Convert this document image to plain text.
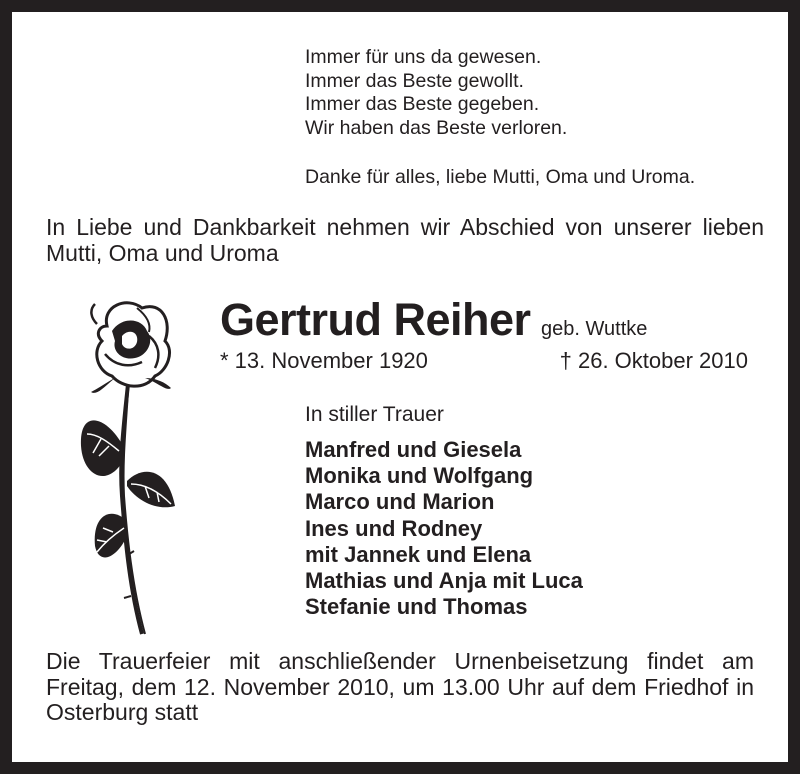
Immer für uns da gewesen.
Immer das Beste gewollt.
Immer das Beste gegeben.
Wir haben das Beste verloren.
Danke für alles, liebe Mutti, Oma und Uroma.
In Liebe und Dankbarkeit nehmen wir Abschied von unserer lieben Mutti, Oma und Uroma
Gertrud Reiher geb. Wuttke
* 13. November 1920	† 26. Oktober 2010
In stiller Trauer
Manfred und Giesela
Monika und Wolfgang
Marco und Marion
Ines und Rodney
mit Jannek und Elena
Mathias und Anja mit Luca
Stefanie und Thomas
Die Trauerfeier mit anschließender Urnenbeisetzung findet am Freitag, dem 12. November 2010, um 13.00 Uhr auf dem Friedhof in Osterburg statt
